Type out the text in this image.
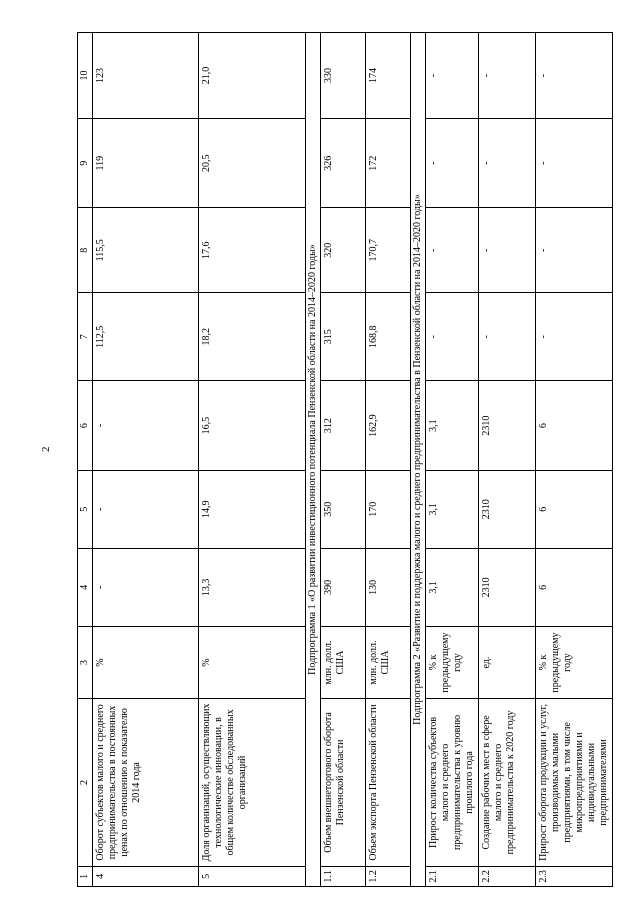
2
1	2	3	4	5	6	7	8	9	10
4	Оборот субъектов малого и среднего предпринимательства в постоянных ценах по отношению к показателю 2014 года	%	-	-	-	112,5	115,5	119	123
5	Доля организаций, осуществляющих технологические инновации, в общем количестве обследованных организаций	%	13,3	14,9	16,5	18,2	17,6	20,5	21,0
Подпрограмма 1 «О развитии инвестиционного потенциала Пензенской области на 2014–2020 годы»									
1.1	Объем внешнеторгового оборота Пензенской области	млн. долл. США	390	350	312	315	320	326	330
1.2	Объем экспорта Пензенской области	млн. долл. США	130	170	162,9	168,8	170,7	172	174
Подпрограмма 2 «Развитие и поддержка малого и среднего предпринимательства в Пензенской области на 2014–2020 годы»									
2.1	Прирост количества субъектов малого и среднего предпринимательства к уровню прошлого года	% к предыдущему году	3,1	3,1	3,1	-	-	-	-
2.2	Создание рабочих мест в сфере малого и среднего предпринимательства к 2020 году	ед.	2310	2310	2310	-	-	-	-
2.3	Прирост оборота продукции и услуг, производимых малыми предприятиями, в том числе микропредприятиями и индивидуальными предпринимателями	% к предыдущему году	6	6	6	-	-	-	-
